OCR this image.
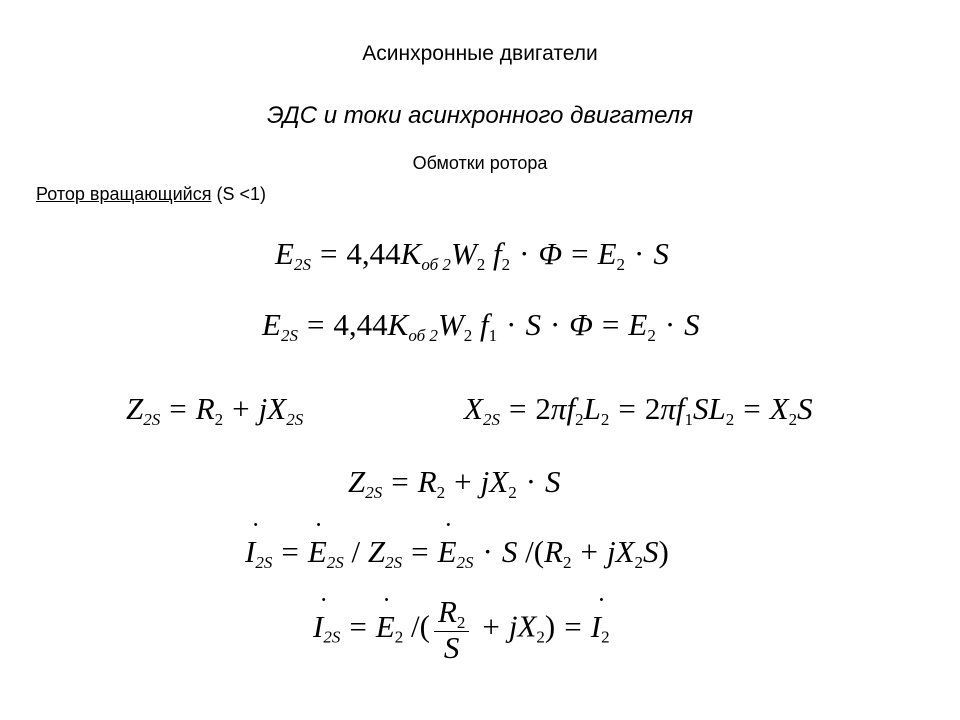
Асинхронные двигатели
ЭДС и токи асинхронного двигателя
Обмотки ротора
Ротор вращающийся (S <1)
$E_{2S} = 4,44K_{об 2}W_2$ $f_2 \cdot \Phi = E_2 \cdot S$
$E_{2S} = 4,44K_{об 2}W_2$ $f_1 \cdot S \cdot \Phi = E_2 \cdot S$
$Z_{2S} = R_2 + jX_{2S}$	$X_{2S} = 2\pi f_2L_2 = 2\pi f_1SL_2 = X_2S$
$Z_{2S} = R_2 + jX_2 \cdot S$
˙ $I_{2S}$ = ˙ $E_{2S} / Z_{2S}$ = ˙ $E_{2S} \cdot S$ $/(R_2 + jX_2S)$
˙ $I_{2S}$ = ˙ $E_2$ /( $\frac{R_2}{S} + jX_2$) = ˙ $I_2$
